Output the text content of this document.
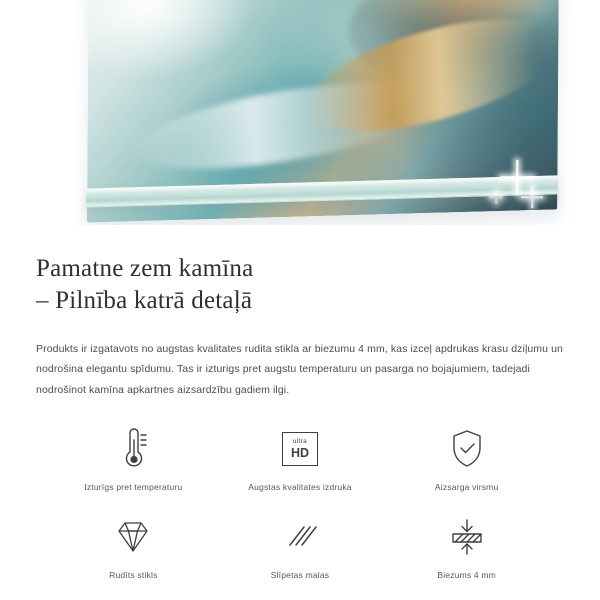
Pamatne zem kamīna
– Pilnība katrā detaļā

Produkts ir izgatavots no augstas kvalitates rudita stikla ar biezumu 4 mm, kas izceļ apdrukas krasu dziļumu un nodrošina elegantu spīdumu. Tas ir izturigs pret augstu temperaturu un pasarga no bojajumiem, tadejadi nodrošinot kamīna apkartnes aizsardzību gadiem ilgi.

Izturīgs pret temperaturu
ultra
HD
Augstas kvalitates izdruka	Aizsarga virsmu
Rudīts stikls	Slīpetas malas	Biezums 4 mm
